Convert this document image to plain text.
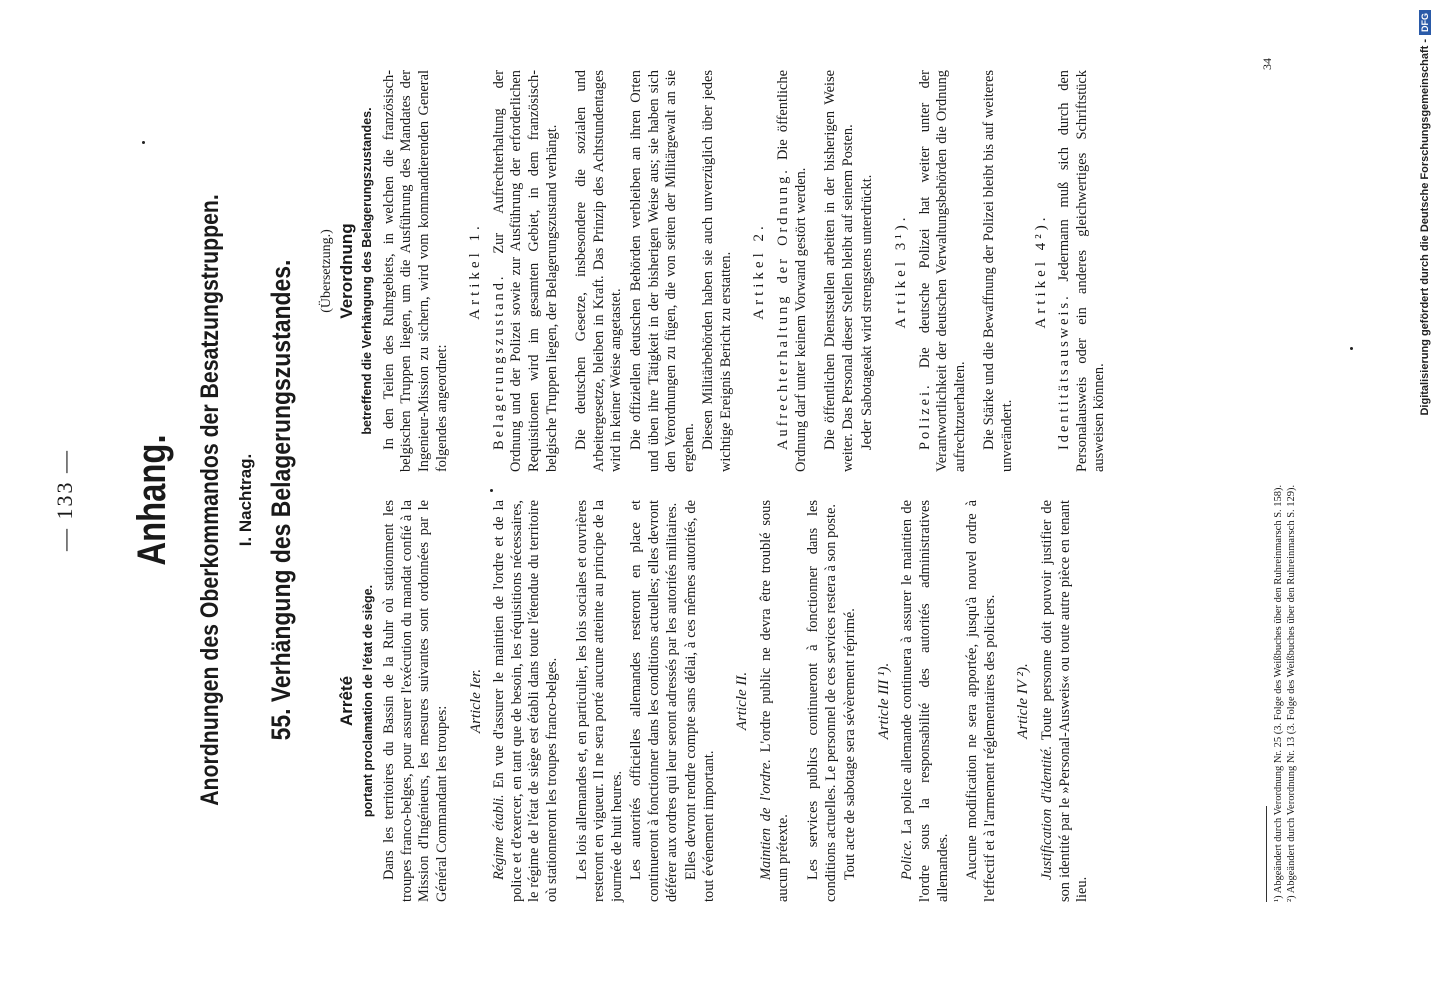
— 133 — Anhang. Anordnungen des Oberkommandos der Besatzungstruppen. I. Nachtrag. 55. Verhängung des Belagerungszustandes. Arrêté portant proclamation de l'état de siège. Dans les territoires du Bassin de la Ruhr où stationment les troupes franco-belges, pour assurer l'exécution du mandat confié à la Mission d'Ingénieurs, les mesures suivantes sont ordonnées par le Général Commandant les troupes:

Article Ier.

Régime établi. En vue d'assurer le maintien de l'ordre et de la police et d'exercer, en tant que de besoin, les réquisitions nécessaires, le régime de l'état de siège est établi dans toute l'étendue du territoire où stationneront les troupes franco-belges. Les lois allemandes et, en particulier, les lois sociales et ouvrières resteront en vigueur. Il ne sera porté aucune atteinte au principe de la journée de huit heures. Les autorités officielles allemandes resteront en place et continueront à fonctionner dans les conditions actuelles; elles devront déférer aux ordres qui leur seront adressés par les autorités militaires. Elles devront rendre compte sans délai, à ces mêmes autorités, de tout événement important.

Article II.

Maintien de l'ordre. L'ordre public ne devra être troublé sous aucun prétexte. Les services publics continueront à fonctionner dans les conditions actuelles. Le personnel de ces services restera à son poste. Tout acte de sabotage sera sévèrement réprimé. Article III ¹).

Police. La police allemande continuera à assurer le maintien de l'ordre sous la responsabilité des autorités administratives allemandes. Aucune modification ne sera apportée, jusqu'à nouvel ordre à l'effectif et à l'armement réglementaires des policiers. Article IV ²).

Justification d'identité. Toute personne doit pouvoir justifier de son identité par le »Personal-Ausweis« ou toute autre pièce en tenant lieu.

(Übersetzung.) Verordnung betreffend die Verhängung des Belagerungszustandes. In den Teilen des Ruhrgebiets, in welchen die französisch-belgischen Truppen liegen, um die Ausführung des Mandates der Ingenieur-Mission zu sichern, wird vom kommandierenden General folgendes angeordnet:

Artikel 1.

Belagerungszustand. Zur Aufrechterhaltung der Ordnung und der Polizei sowie zur Ausführung der erforderlichen Requisitionen wird im gesamten Gebiet, in dem französisch-belgische Truppen liegen, der Belagerungszustand verhängt. Die deutschen Gesetze, insbesondere die sozialen und Arbeitergesetze, bleiben in Kraft. Das Prinzip des Achtstundentages wird in keiner Weise angetastet. Die offiziellen deutschen Behörden verbleiben an ihren Orten und üben ihre Tätigkeit in der bisherigen Weise aus; sie haben sich den Verordnungen zu fügen, die von seiten der Militärgewalt an sie ergehen. Diesen Militärbehörden haben sie auch unverzüglich über jedes wichtige Ereignis Bericht zu erstatten. Artikel 2. Aufrechterhaltung der Ordnung. Die öffentliche Ordnung darf unter keinem Vorwand gestört werden. Die öffentlichen Dienststellen arbeiten in der bisherigen Weise weiter. Das Personal dieser Stellen bleibt auf seinem Posten. Jeder Sabotageakt wird strengstens unterdrückt. Artikel 3¹).

Polizei. Die deutsche Polizei hat weiter unter der Verantwortlichkeit der deutschen Verwaltungsbehörden die Ordnung aufrechtzuerhalten. Die Stärke und die Bewaffnung der Polizei bleibt bis auf weiteres unverändert.

Artikel 4²).

Identitätsausweis. Jedermann muß sich durch den Personalausweis oder ein anderes gleichwertiges Schriftstück ausweisen können.

¹) Abgeändert durch Verordnung Nr. 25 (3. Folge des Weißbuches über den Ruhreinmarsch S. 158). ²) Abgeändert durch Verordnung Nr. 13 (3. Folge des Weißbuches über den Ruhreinmarsch S. 129).
34	Digitalisierung gefördert durch die Deutsche Forschungsgemeinschaft -
DFG
